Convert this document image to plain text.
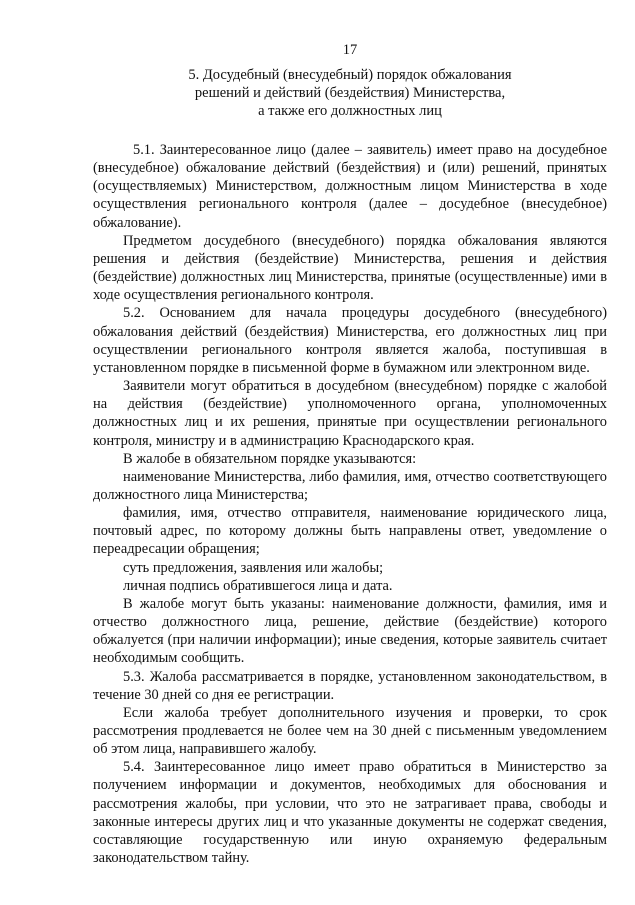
17
5. Досудебный (внесудебный) порядок обжалования
решений и действий (бездействия) Министерства,
а также его должностных лиц

5.1. Заинтересованное лицо (далее – заявитель) имеет право на досудебное (внесудебное) обжалование действий (бездействия) и (или) решений, принятых (осуществляемых) Министерством, должностным лицом Министерства в ходе осуществления регионального контроля (далее – досудебное (внесудебное) обжалование).

Предметом досудебного (внесудебного) порядка обжалования являются решения и действия (бездействие) Министерства, решения и действия (бездействие) должностных лиц Министерства, принятые (осуществленные) ими в ходе осуществления регионального контроля.

5.2. Основанием для начала процедуры досудебного (внесудебного) обжалования действий (бездействия) Министерства, его должностных лиц при осуществлении регионального контроля является жалоба, поступившая в установленном порядке в письменной форме в бумажном или электронном виде.

Заявители могут обратиться в досудебном (внесудебном) порядке с жалобой на действия (бездействие) уполномоченного органа, уполномоченных должностных лиц и их решения, принятые при осуществлении регионального контроля, министру и в администрацию Краснодарского края.

В жалобе в обязательном порядке указываются:

наименование Министерства, либо фамилия, имя, отчество соответствующего должностного лица Министерства;

фамилия, имя, отчество отправителя, наименование юридического лица, почтовый адрес, по которому должны быть направлены ответ, уведомление о переадресации обращения;

суть предложения, заявления или жалобы;

личная подпись обратившегося лица и дата.

В жалобе могут быть указаны: наименование должности, фамилия, имя и отчество должностного лица, решение, действие (бездействие) которого обжалуется (при наличии информации); иные сведения, которые заявитель считает необходимым сообщить.

5.3. Жалоба рассматривается в порядке, установленном законодательством, в течение 30 дней со дня ее регистрации.

Если жалоба требует дополнительного изучения и проверки, то срок рассмотрения продлевается не более чем на 30 дней с письменным уведомлением об этом лица, направившего жалобу.

5.4. Заинтересованное лицо имеет право обратиться в Министерство за получением информации и документов, необходимых для обоснования и рассмотрения жалобы, при условии, что это не затрагивает права, свободы и законные интересы других лиц и что указанные документы не содержат сведения, составляющие государственную или иную охраняемую федеральным законодательством тайну.
